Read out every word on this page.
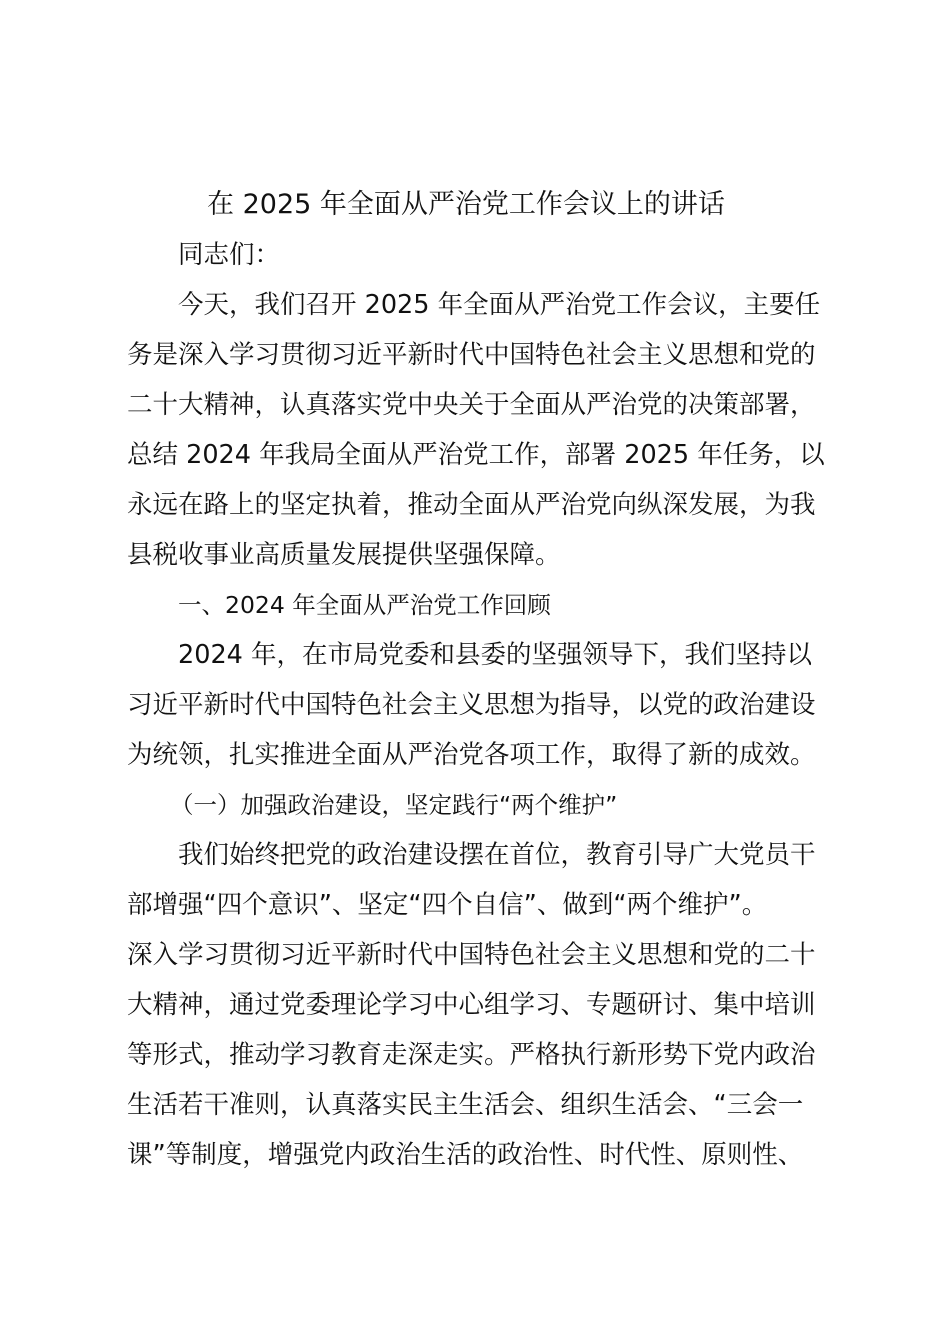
在 2025 年全面从严治党工作会议上的讲话
同志们：
今天，我们召开 2025 年全面从严治党工作会议，主要任
务是深入学习贯彻习近平新时代中国特色社会主义思想和党的
二十大精神，认真落实党中央关于全面从严治党的决策部署，
总结 2024 年我局全面从严治党工作，部署 2025 年任务，以
永远在路上的坚定执着，推动全面从严治党向纵深发展，为我
县税收事业高质量发展提供坚强保障。
一、2024 年全面从严治党工作回顾
2024 年，在市局党委和县委的坚强领导下，我们坚持以
习近平新时代中国特色社会主义思想为指导，以党的政治建设
为统领，扎实推进全面从严治党各项工作，取得了新的成效。
（一）加强政治建设，坚定践行“两个维护”
我们始终把党的政治建设摆在首位，教育引导广大党员干
部增强“四个意识”、坚定“四个自信”、做到“两个维护”。
深入学习贯彻习近平新时代中国特色社会主义思想和党的二十
大精神，通过党委理论学习中心组学习、专题研讨、集中培训
等形式，推动学习教育走深走实。严格执行新形势下党内政治
生活若干准则，认真落实民主生活会、组织生活会、“三会一
课”等制度，增强党内政治生活的政治性、时代性、原则性、
